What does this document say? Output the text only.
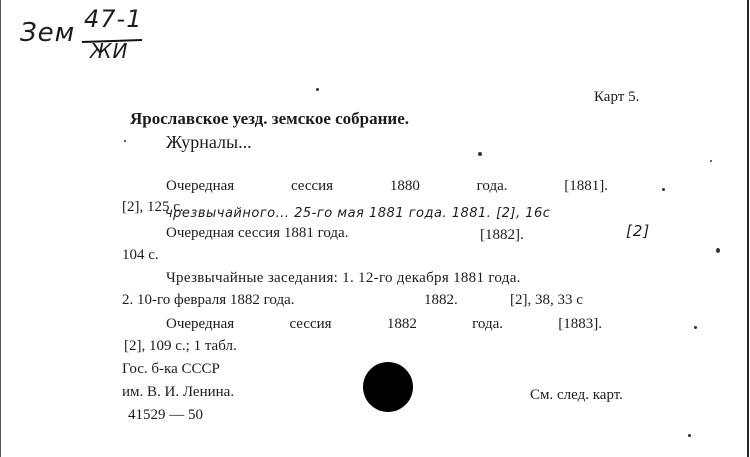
Зем 47-1
ЖИ
Карт 5.
Ярославское уезд. земское собрание.
Журналы...
Очередная	сессия	1880	года.	[1881].
[2], 125 с.
чрезвычайного... 25-го мая 1881 года. 1881. [2], 16с
Очередная сессия 1881 года.	[1882].	[2]
104 с.
Чрезвычайные заседания: 1. 12-го декабря 1881 года.
2. 10-го февраля 1882 года.	1882.	[2], 38, 33 с
Очередная	сессия	1882	года.	[1883].
[2], 109 с.; 1 табл.
Гос. б-ка СССР
им. В. И. Ленина.
41529 — 50
См. след. карт.
